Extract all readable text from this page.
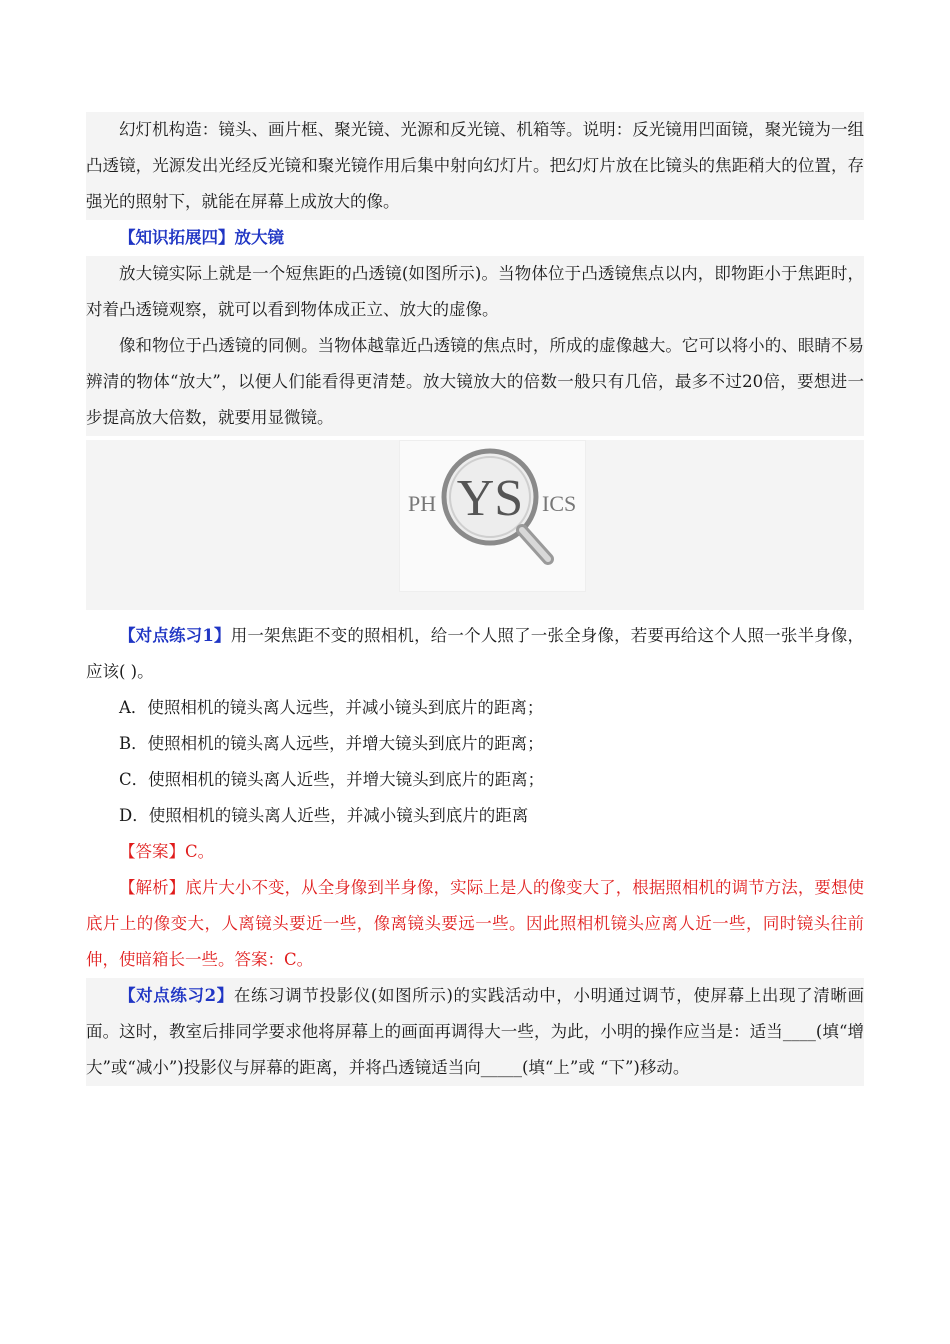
幻灯机构造：镜头、画片框、聚光镜、光源和反光镜、机箱等。说明：反光镜用凹面镜，聚光镜为一组凸透镜，光源发出光经反光镜和聚光镜作用后集中射向幻灯片。把幻灯片放在比镜头的焦距稍大的位置，存强光的照射下，就能在屏幕上成放大的像。

【知识拓展四】放大镜

放大镜实际上就是一个短焦距的凸透镜(如图所示)。当物体位于凸透镜焦点以内，即物距小于焦距时，对着凸透镜观察，就可以看到物体成正立、放大的虚像。

像和物位于凸透镜的同侧。当物体越靠近凸透镜的焦点时，所成的虚像越大。它可以将小的、眼睛不易辨清的物体“放大”，以便人们能看得更清楚。放大镜放大的倍数一般只有几倍，最多不过20倍，要想进一步提高放大倍数，就要用显微镜。

PH	ICS
YS

【对点练习1】用一架焦距不变的照相机，给一个人照了一张全身像，若要再给这个人照一张半身像，应该( )。

A．使照相机的镜头离人远些，并减小镜头到底片的距离；

B．使照相机的镜头离人远些，并增大镜头到底片的距离；

C．使照相机的镜头离人近些，并增大镜头到底片的距离；

D．使照相机的镜头离人近些，并减小镜头到底片的距离

【答案】C。

【解析】底片大小不变，从全身像到半身像，实际上是人的像变大了，根据照相机的调节方法，要想使底片上的像变大，人离镜头要近一些，像离镜头要远一些。因此照相机镜头应离人近一些，同时镜头往前伸，使暗箱长一些。答案：C。

【对点练习2】在练习调节投影仪(如图所示)的实践活动中，小明通过调节，使屏幕上出现了清晰画面。这时，教室后排同学要求他将屏幕上的画面再调得大一些，为此，小明的操作应当是：适当____(填“增大”或“减小”)投影仪与屏幕的距离，并将凸透镜适当向_____(填“上”或 “下”)移动。
